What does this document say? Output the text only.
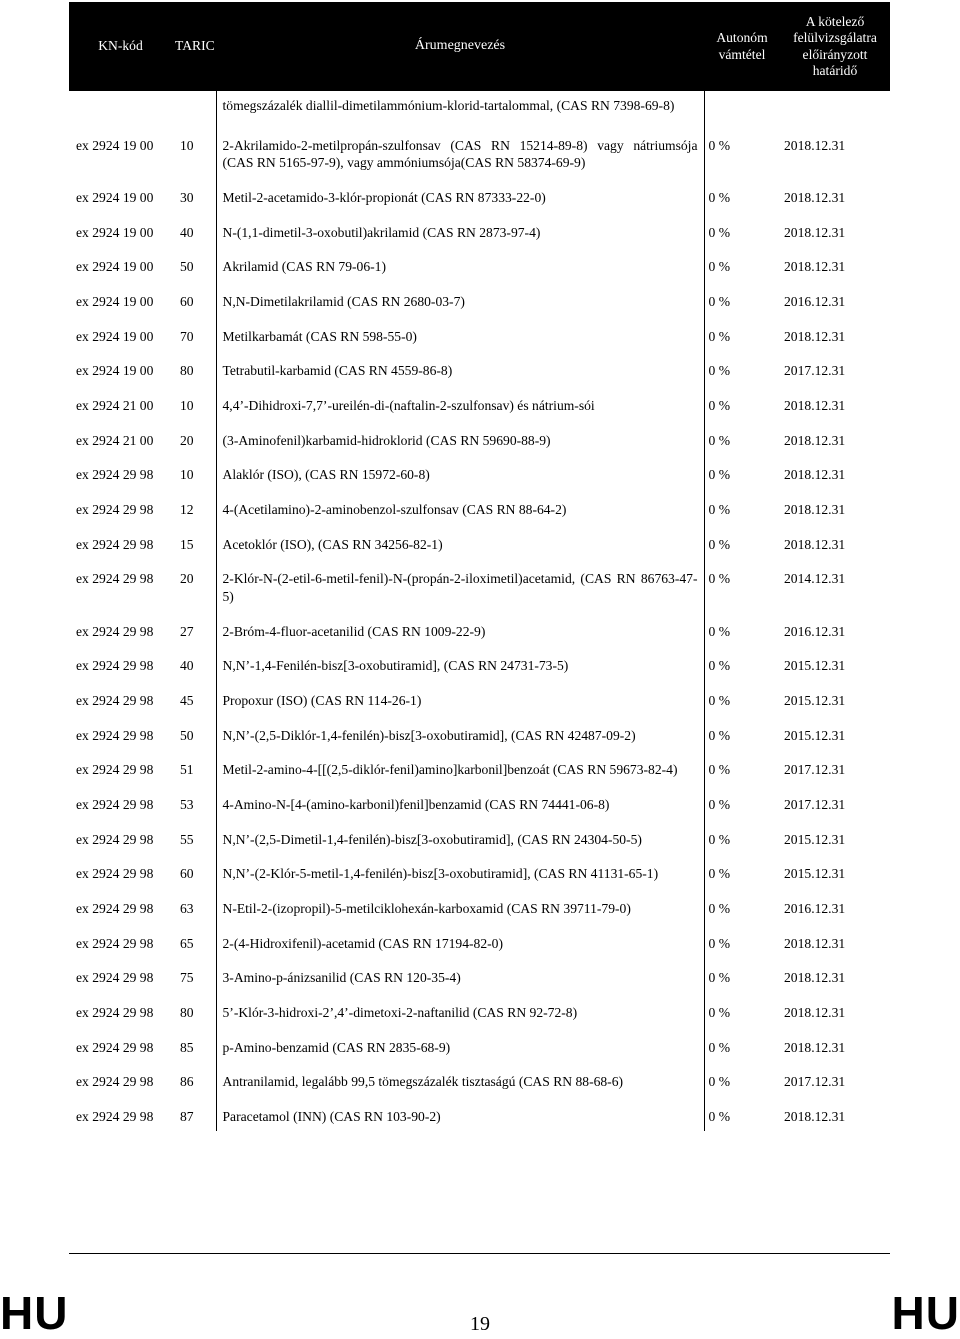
KN-kód	TARIC	Árumegnevezés	Autonóm vámtétel	A kötelező felülvizsgálatra előirányzott határidő
		tömegszázalék diallil-dimetilammónium-klorid-tartalommal, (CAS RN 7398-69-8)		
ex 2924 19 00	10	2-Akrilamido-2-metilpropán-szulfonsav (CAS RN 15214-89-8) vagy nátriumsója (CAS RN 5165-97-9), vagy ammóniumsója(CAS RN 58374-69-9)	0 %	2018.12.31
ex 2924 19 00	30	Metil-2-acetamido-3-klór-propionát (CAS RN 87333-22-0)	0 %	2018.12.31
ex 2924 19 00	40	N-(1,1-dimetil-3-oxobutil)akrilamid (CAS RN 2873-97-4)	0 %	2018.12.31
ex 2924 19 00	50	Akrilamid (CAS RN 79-06-1)	0 %	2018.12.31
ex 2924 19 00	60	N,N-Dimetilakrilamid (CAS RN 2680-03-7)	0 %	2016.12.31
ex 2924 19 00	70	Metilkarbamát (CAS RN 598-55-0)	0 %	2018.12.31
ex 2924 19 00	80	Tetrabutil-karbamid (CAS RN 4559-86-8)	0 %	2017.12.31
ex 2924 21 00	10	4,4’-Dihidroxi-7,7’-ureilén-di-(naftalin-2-szulfonsav) és nátrium-sói	0 %	2018.12.31
ex 2924 21 00	20	(3-Aminofenil)karbamid-hidroklorid (CAS RN 59690-88-9)	0 %	2018.12.31
ex 2924 29 98	10	Alaklór (ISO), (CAS RN 15972-60-8)	0 %	2018.12.31
ex 2924 29 98	12	4-(Acetilamino)-2-aminobenzol-szulfonsav (CAS RN 88-64-2)	0 %	2018.12.31
ex 2924 29 98	15	Acetoklór (ISO), (CAS RN 34256-82-1)	0 %	2018.12.31
ex 2924 29 98	20	2-Klór-N-(2-etil-6-metil-fenil)-N-(propán-2-iloximetil)acetamid, (CAS RN 86763-47-5)	0 %	2014.12.31
ex 2924 29 98	27	2-Bróm-4-fluor-acetanilid (CAS RN 1009-22-9)	0 %	2016.12.31
ex 2924 29 98	40	N,N’-1,4-Fenilén-bisz[3-oxobutiramid], (CAS RN 24731-73-5)	0 %	2015.12.31
ex 2924 29 98	45	Propoxur (ISO) (CAS RN 114-26-1)	0 %	2015.12.31
ex 2924 29 98	50	N,N’-(2,5-Diklór-1,4-fenilén)-bisz[3-oxobutiramid], (CAS RN 42487-09-2)	0 %	2015.12.31
ex 2924 29 98	51	Metil-2-amino-4-[[(2,5-diklór-fenil)amino]karbonil]benzoát (CAS RN 59673-82-4)	0 %	2017.12.31
ex 2924 29 98	53	4-Amino-N-[4-(amino-karbonil)fenil]benzamid (CAS RN 74441-06-8)	0 %	2017.12.31
ex 2924 29 98	55	N,N’-(2,5-Dimetil-1,4-fenilén)-bisz[3-oxobutiramid], (CAS RN 24304-50-5)	0 %	2015.12.31
ex 2924 29 98	60	N,N’-(2-Klór-5-metil-1,4-fenilén)-bisz[3-oxobutiramid], (CAS RN 41131-65-1)	0 %	2015.12.31
ex 2924 29 98	63	N-Etil-2-(izopropil)-5-metilciklohexán-karboxamid (CAS RN 39711-79-0)	0 %	2016.12.31
ex 2924 29 98	65	2-(4-Hidroxifenil)-acetamid (CAS RN 17194-82-0)	0 %	2018.12.31
ex 2924 29 98	75	3-Amino-p-ánizsanilid (CAS RN 120-35-4)	0 %	2018.12.31
ex 2924 29 98	80	5’-Klór-3-hidroxi-2’,4’-dimetoxi-2-naftanilid (CAS RN 92-72-8)	0 %	2018.12.31
ex 2924 29 98	85	p-Amino-benzamid (CAS RN 2835-68-9)	0 %	2018.12.31
ex 2924 29 98	86	Antranilamid, legalább 99,5 tömegszázalék tisztaságú (CAS RN 88-68-6)	0 %	2017.12.31
ex 2924 29 98	87	Paracetamol (INN) (CAS RN 103-90-2)	0 %	2018.12.31
HU	HU
19
